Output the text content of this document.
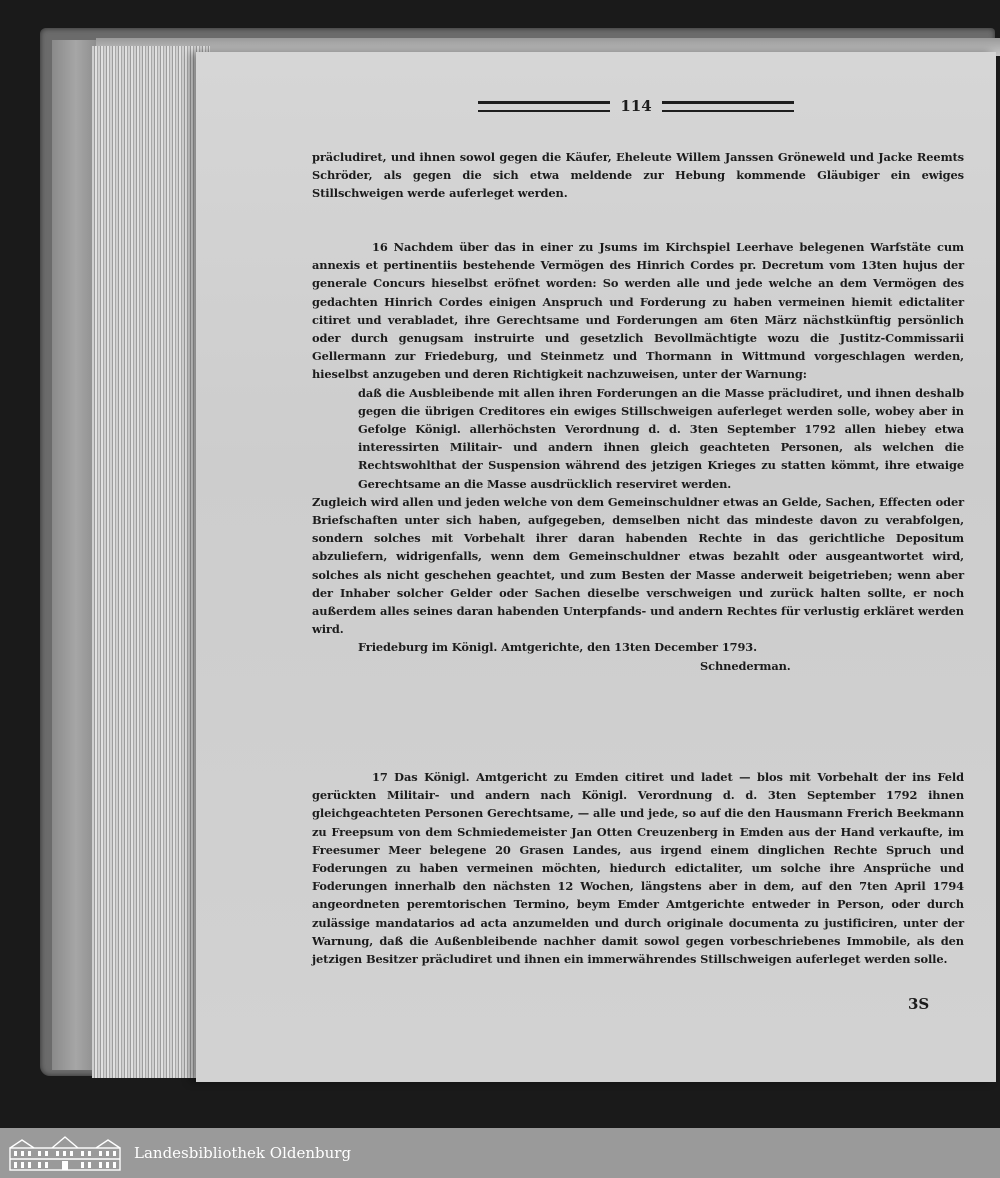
114

präcludiret, und ihnen sowol gegen die Käufer, Eheleute Willem Janssen Gröneweld und Jacke Reemts Schröder, als gegen die sich etwa meldende zur Hebung kommende Gläubiger ein ewiges Stillschweigen werde auferleget werden.

16 Nachdem über das in einer zu Jsums im Kirchspiel Leerhave belegenen Warfstäte cum annexis et pertinentiis bestehende Vermögen des Hinrich Cordes pr. Decretum vom 13ten hujus der generale Concurs hieselbst eröfnet worden: So werden alle und jede welche an dem Vermögen des gedachten Hinrich Cordes einigen Anspruch und Forderung zu haben vermeinen hiemit edictaliter citiret und verabladet, ihre Gerechtsame und Forderungen am 6ten März nächstkünftig persönlich oder durch genugsam instruirte und gesetzlich Bevollmächtigte wozu die Justitz-Commissarii Gellermann zur Friedeburg, und Steinmetz und Thormann in Wittmund vorgeschlagen werden, hieselbst anzugeben und deren Richtigkeit nachzuweisen, unter der Warnung:

daß die Ausbleibende mit allen ihren Forderungen an die Masse präcludiret, und ihnen deshalb gegen die übrigen Creditores ein ewiges Stillschweigen auferleget werden solle, wobey aber in Gefolge Königl. allerhöchsten Verordnung d. d. 3ten September 1792 allen hiebey etwa interessirten Militair- und andern ihnen gleich geachteten Personen, als welchen die Rechtswohlthat der Suspension während des jetzigen Krieges zu statten kömmt, ihre etwaige Gerechtsame an die Masse ausdrücklich reserviret werden.

Zugleich wird allen und jeden welche von dem Gemeinschuldner etwas an Gelde, Sachen, Effecten oder Briefschaften unter sich haben, aufgegeben, demselben nicht das mindeste davon zu verabfolgen, sondern solches mit Vorbehalt ihrer daran habenden Rechte in das gerichtliche Depositum abzuliefern, widrigenfalls, wenn dem Gemeinschuldner etwas bezahlt oder ausgeantwortet wird, solches als nicht geschehen geachtet, und zum Besten der Masse anderweit beigetrieben; wenn aber der Inhaber solcher Gelder oder Sachen dieselbe verschweigen und zurück halten sollte, er noch außerdem alles seines daran habenden Unterpfands- und andern Rechtes für verlustig erkläret werden wird.

Friedeburg im Königl. Amtgerichte, den 13ten December 1793.

Schnederman.

17 Das Königl. Amtgericht zu Emden citiret und ladet — blos mit Vorbehalt der ins Feld gerückten Militair- und andern nach Königl. Verordnung d. d. 3ten September 1792 ihnen gleichgeachteten Personen Gerechtsame, — alle und jede, so auf die den Hausmann Frerich Beekmann zu Freepsum von dem Schmiedemeister Jan Otten Creuzenberg in Emden aus der Hand verkaufte, im Freesumer Meer belegene 20 Grasen Landes, aus irgend einem dinglichen Rechte Spruch und Foderungen zu haben vermeinen möchten, hiedurch edictaliter, um solche ihre Ansprüche und Foderungen innerhalb den nächsten 12 Wochen, längstens aber in dem, auf den 7ten April 1794 angeordneten peremtorischen Termino, beym Emder Amtgerichte entweder in Person, oder durch zulässige mandatarios ad acta anzumelden und durch originale documenta zu justificiren, unter der Warnung, daß die Außenbleibende nachher damit sowol gegen vorbeschriebenes Immobile, als den jetzigen Besitzer präcludiret und ihnen ein immerwährendes Stillschweigen auferleget werden solle.

3S
Landesbibliothek Oldenburg
